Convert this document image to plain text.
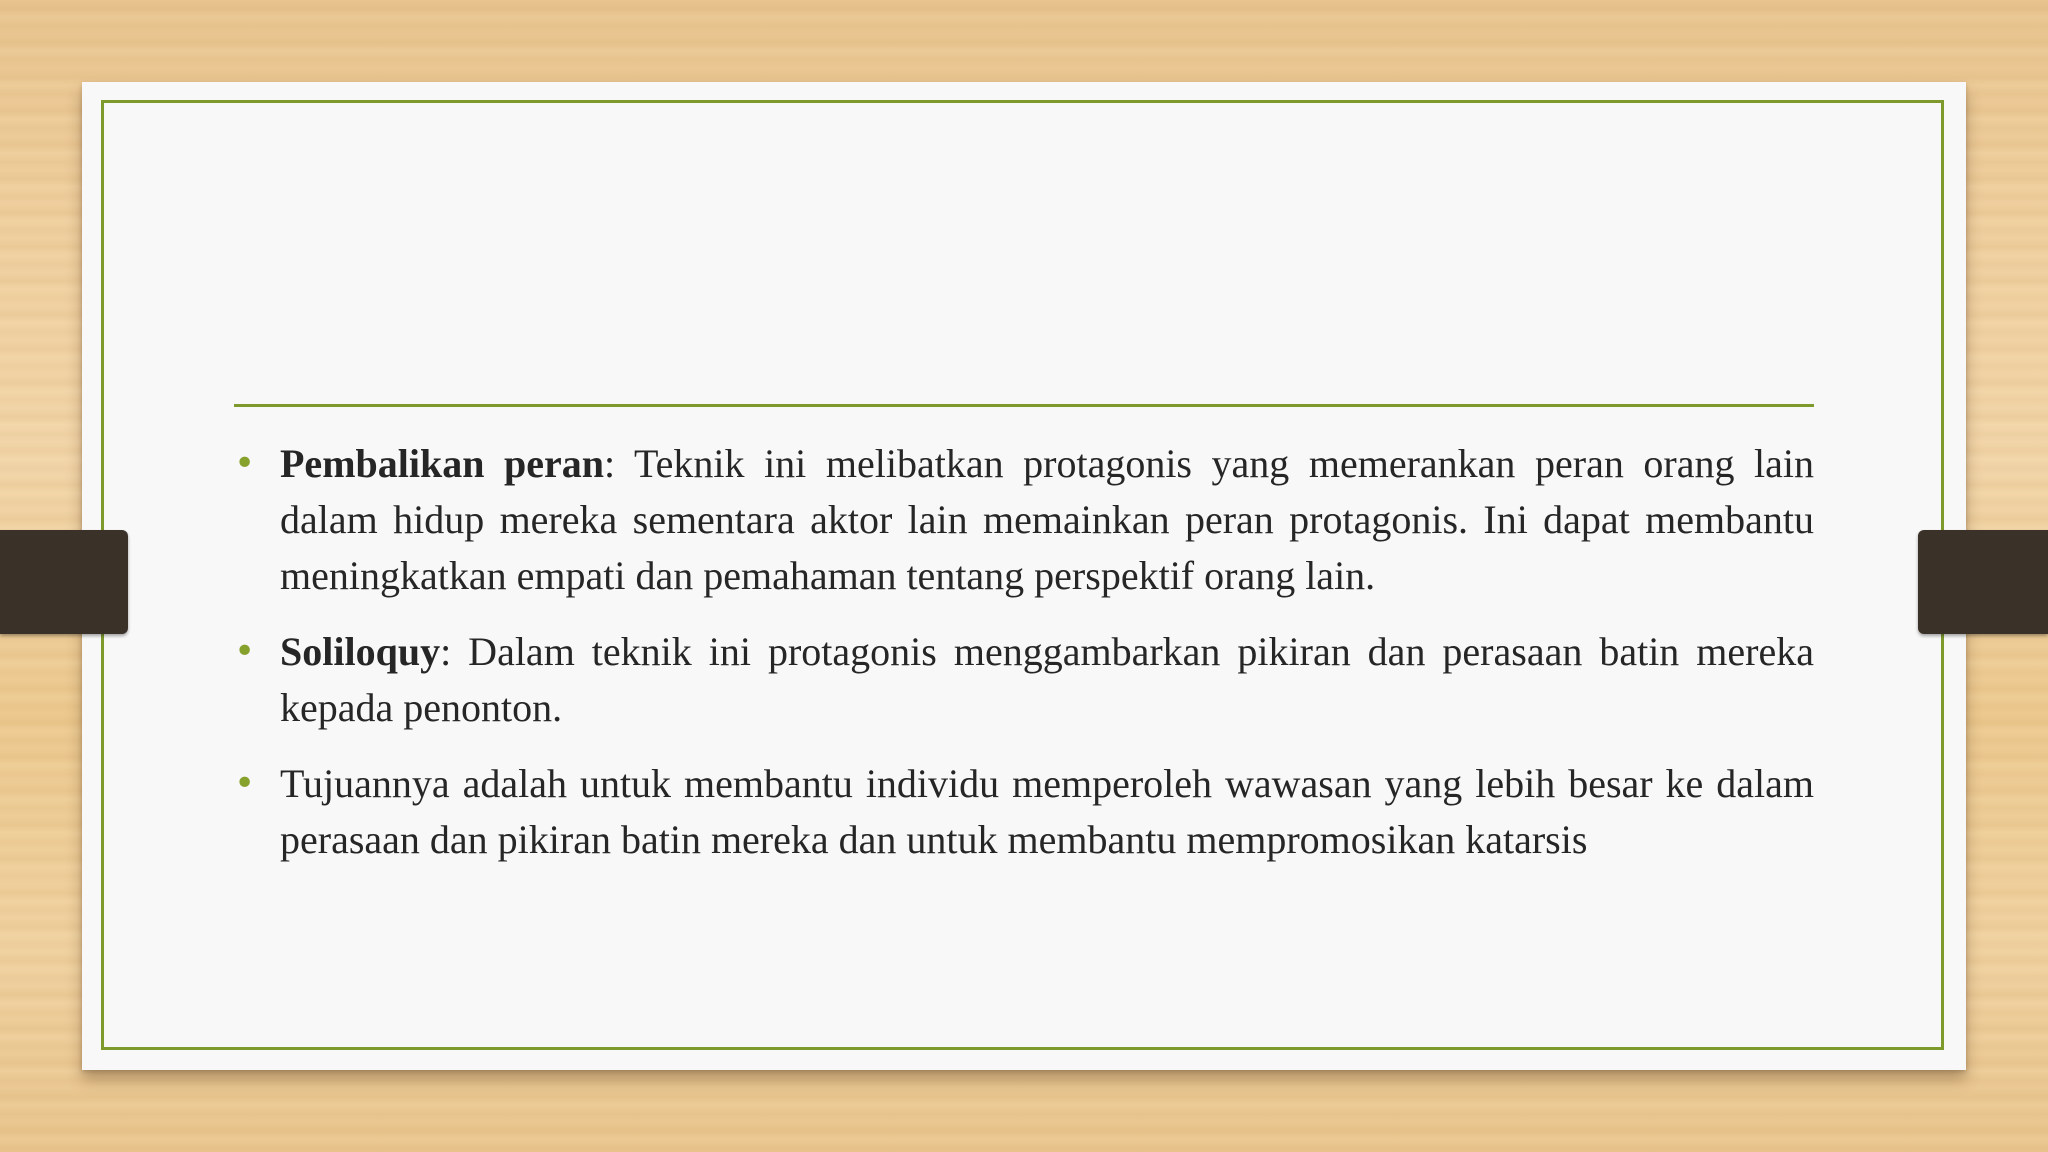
• Pembalikan peran: Teknik ini melibatkan protagonis yang memerankan peran orang lain dalam hidup mereka sementara aktor lain memainkan peran protagonis. Ini dapat membantu meningkatkan empati dan pemahaman tentang perspektif orang lain.
• Soliloquy: Dalam teknik ini protagonis menggambarkan pikiran dan perasaan batin mereka kepada penonton.
• Tujuannya adalah untuk membantu individu memperoleh wawasan yang lebih besar ke dalam perasaan dan pikiran batin mereka dan untuk membantu mempromosikan katarsis
